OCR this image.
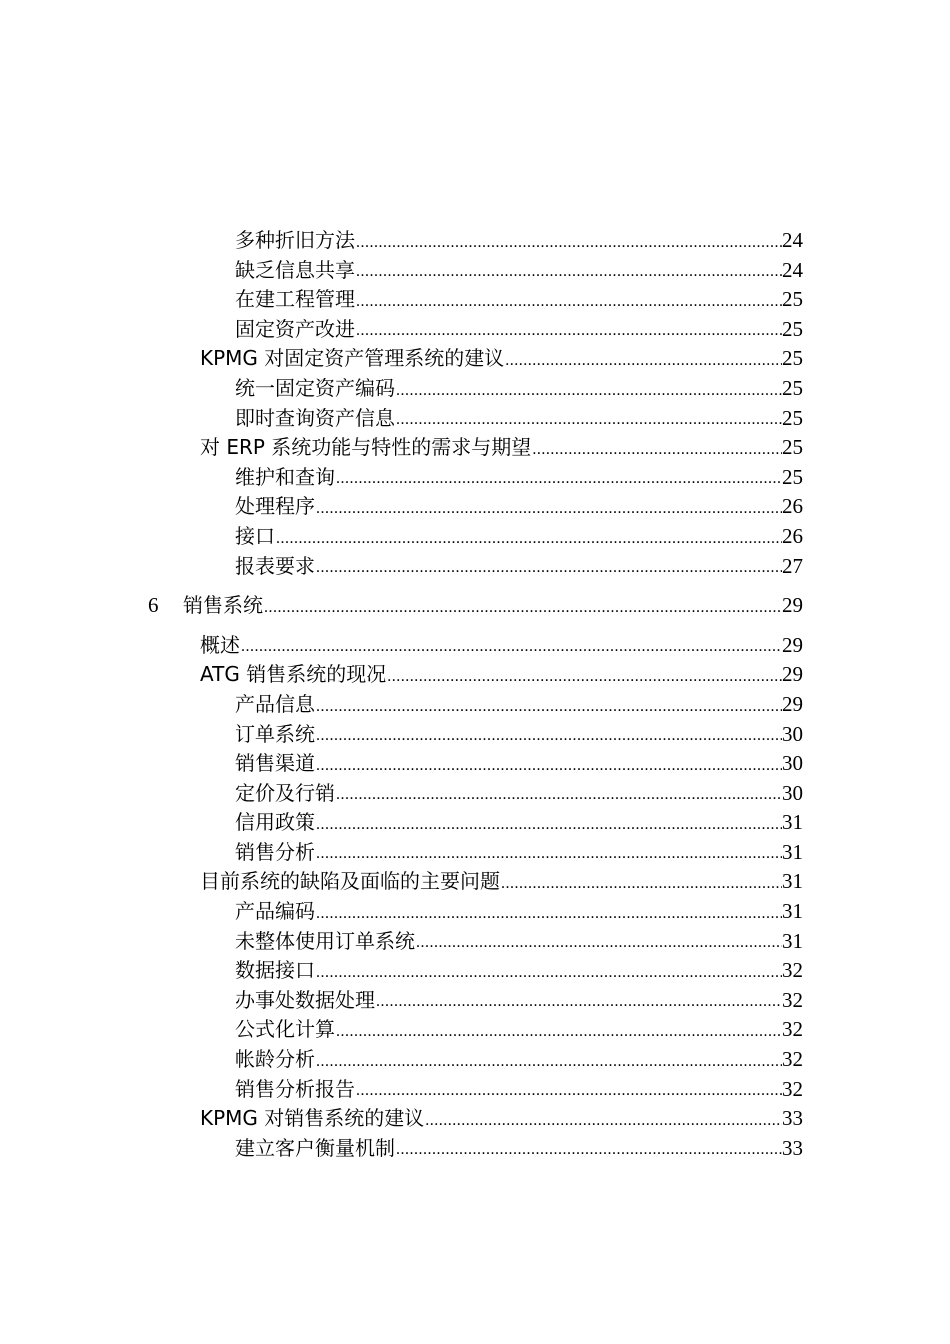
多种折旧方法 .....	24
缺乏信息共享 .....	24
在建工程管理 .....	25
固定资产改进 .....	25
KPMG 对固定资产管理系统的建议 .....	25
统一固定资产编码 .....	25
即时查询资产信息 .....	25
对 ERP 系统功能与特性的需求与期望 .....	25
维护和查询 .....	25
处理程序 .....	26
接口 .....	26
报表要求 .....	27
6	销售系统 .....	29
概述 .....	29
ATG 销售系统的现况 .....	29
产品信息 .....	29
订单系统 .....	30
销售渠道 .....	30
定价及行销 .....	30
信用政策 .....	31
销售分析 .....	31
目前系统的缺陷及面临的主要问题 .....	31
产品编码 .....	31
未整体使用订单系统 .....	31
数据接口 .....	32
办事处数据处理 .....	32
公式化计算 .....	32
帐龄分析 .....	32
销售分析报告 .....	32
KPMG 对销售系统的建议 .....	33
建立客户衡量机制 .....	33
